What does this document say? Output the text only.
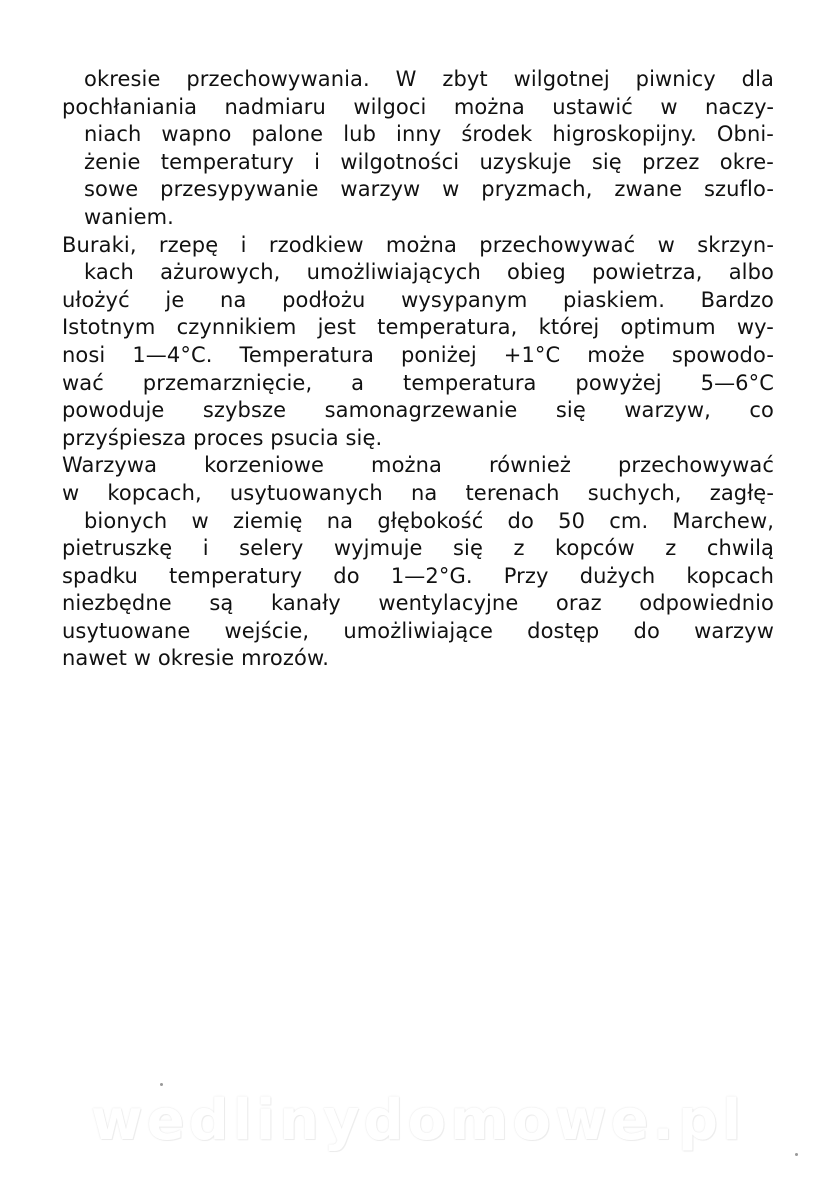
okresie przechowywania. W zbyt wilgotnej piwnicy dla
pochłaniania nadmiaru wilgoci można ustawić w naczy-
niach wapno palone lub inny środek higroskopijny. Obni-
żenie temperatury i wilgotności uzyskuje się przez okre-
sowe przesypywanie warzyw w pryzmach, zwane szuflo-
waniem.
Buraki, rzepę i rzodkiew można przechowywać w skrzyn-
kach ażurowych, umożliwiających obieg powietrza, albo
ułożyć je na podłożu wysypanym piaskiem. Bardzo
Istotnym czynnikiem jest temperatura, której optimum wy-
nosi 1—4°C. Temperatura poniżej +1°C może spowodo-
wać przemarznięcie, a temperatura powyżej 5—6°C
powoduje szybsze samonagrzewanie się warzyw, co
przyśpiesza proces psucia się.
Warzywa korzeniowe można również przechowywać
w kopcach, usytuowanych na terenach suchych, zagłę-
bionych w ziemię na głębokość do 50 cm. Marchew,
pietruszkę i selery wyjmuje się z kopców z chwilą
spadku temperatury do 1—2°G. Przy dużych kopcach
niezbędne są kanały wentylacyjne oraz odpowiednio
usytuowane wejście, umożliwiające dostęp do warzyw
nawet w okresie mrozów.
wedlinydomowe.pl
